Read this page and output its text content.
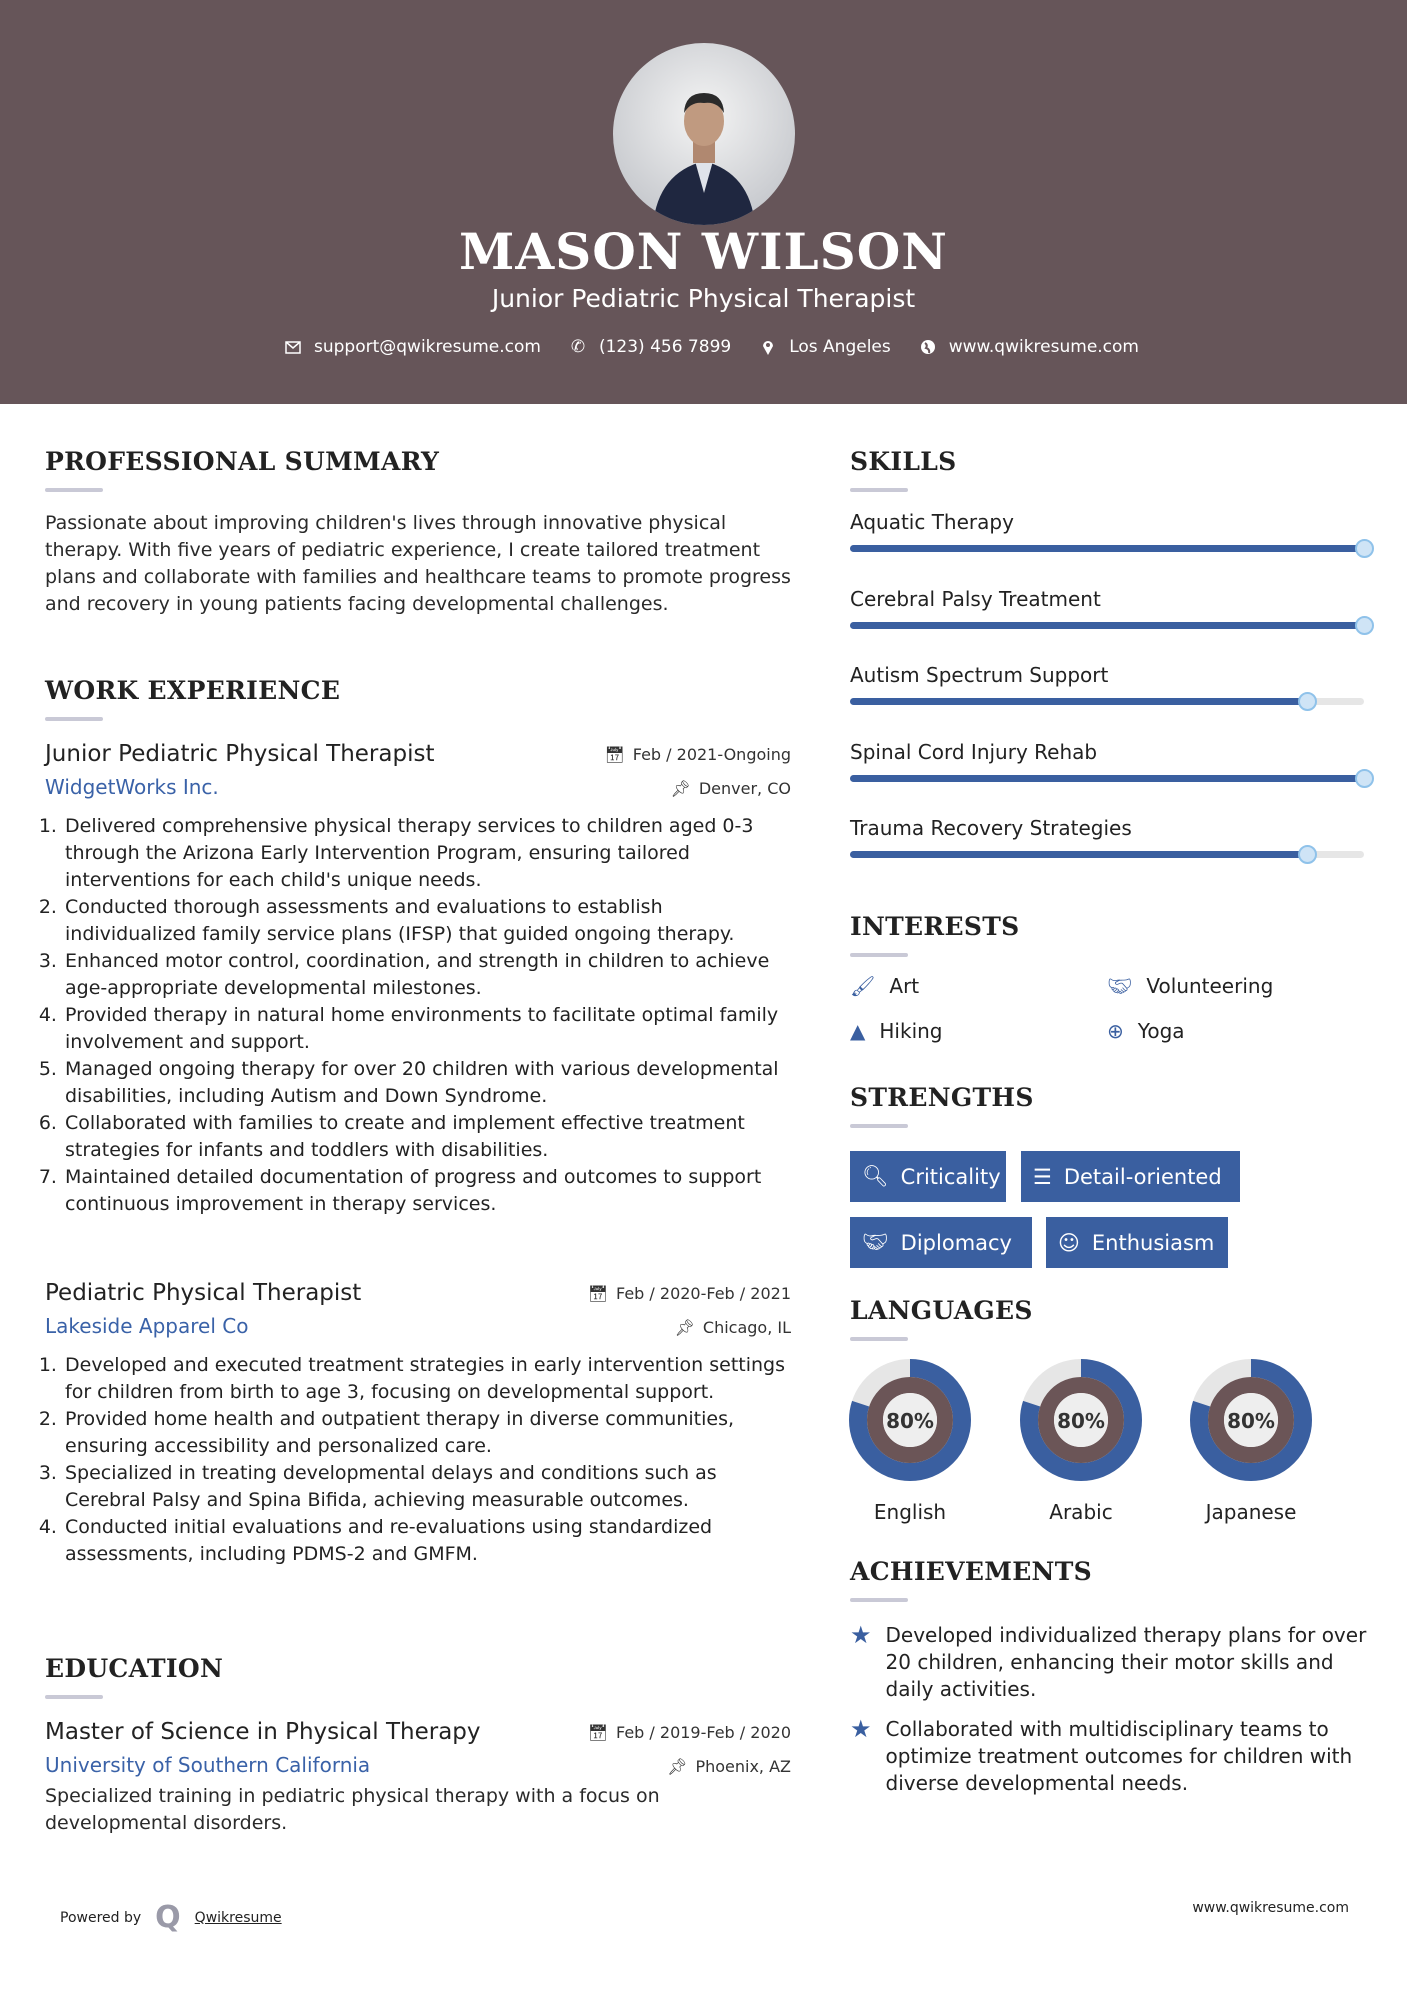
MASON WILSON
Junior Pediatric Physical Therapist
support@qwikresume.com ✆ (123) 456 7899	Los Angeles	www.qwikresume.com
PROFESSIONAL SUMMARY
Passionate about improving children's lives through innovative physical therapy. With five years of pediatric experience, I create tailored treatment plans and collaborate with families and healthcare teams to promote progress and recovery in young patients facing developmental challenges.
WORK EXPERIENCE
Junior Pediatric Physical Therapist	📅︎ Feb / 2021-Ongoing
WidgetWorks Inc.	📌︎ Denver, CO
1. Delivered comprehensive physical therapy services to children aged 0-3 through the Arizona Early Intervention Program, ensuring tailored interventions for each child's unique needs.
2. Conducted thorough assessments and evaluations to establish individualized family service plans (IFSP) that guided ongoing therapy.
3. Enhanced motor control, coordination, and strength in children to achieve age-appropriate developmental milestones.
4. Provided therapy in natural home environments to facilitate optimal family involvement and support.
5. Managed ongoing therapy for over 20 children with various developmental disabilities, including Autism and Down Syndrome.
6. Collaborated with families to create and implement effective treatment strategies for infants and toddlers with disabilities.
7. Maintained detailed documentation of progress and outcomes to support continuous improvement in therapy services.
Pediatric Physical Therapist	📅︎ Feb / 2020-Feb / 2021
Lakeside Apparel Co	📌︎ Chicago, IL
1. Developed and executed treatment strategies in early intervention settings for children from birth to age 3, focusing on developmental support.
2. Provided home health and outpatient therapy in diverse communities, ensuring accessibility and personalized care.
3. Specialized in treating developmental delays and conditions such as Cerebral Palsy and Spina Bifida, achieving measurable outcomes.
4. Conducted initial evaluations and re-evaluations using standardized assessments, including PDMS-2 and GMFM.
EDUCATION
Master of Science in Physical Therapy	📅︎ Feb / 2019-Feb / 2020
University of Southern California	📌︎ Phoenix, AZ
Specialized training in pediatric physical therapy with a focus on developmental disorders.
SKILLS
Aquatic Therapy
Cerebral Palsy Treatment
Autism Spectrum Support
Spinal Cord Injury Rehab
Trauma Recovery Strategies
INTERESTS
🖌︎ Art	🤝︎ Volunteering
▲ Hiking	⊕ Yoga
STRENGTHS
🔍︎ Criticality ☰ Detail-oriented
🤝︎ Diplomacy ☺ Enthusiasm
LANGUAGES
80%
English
80%
Arabic
80%
Japanese
ACHIEVEMENTS
★ Developed individualized therapy plans for over 20 children, enhancing their motor skills and daily activities.
★ Collaborated with multidisciplinary teams to optimize treatment outcomes for children with diverse developmental needs.
Powered by Q Qwikresume
www.qwikresume.com
